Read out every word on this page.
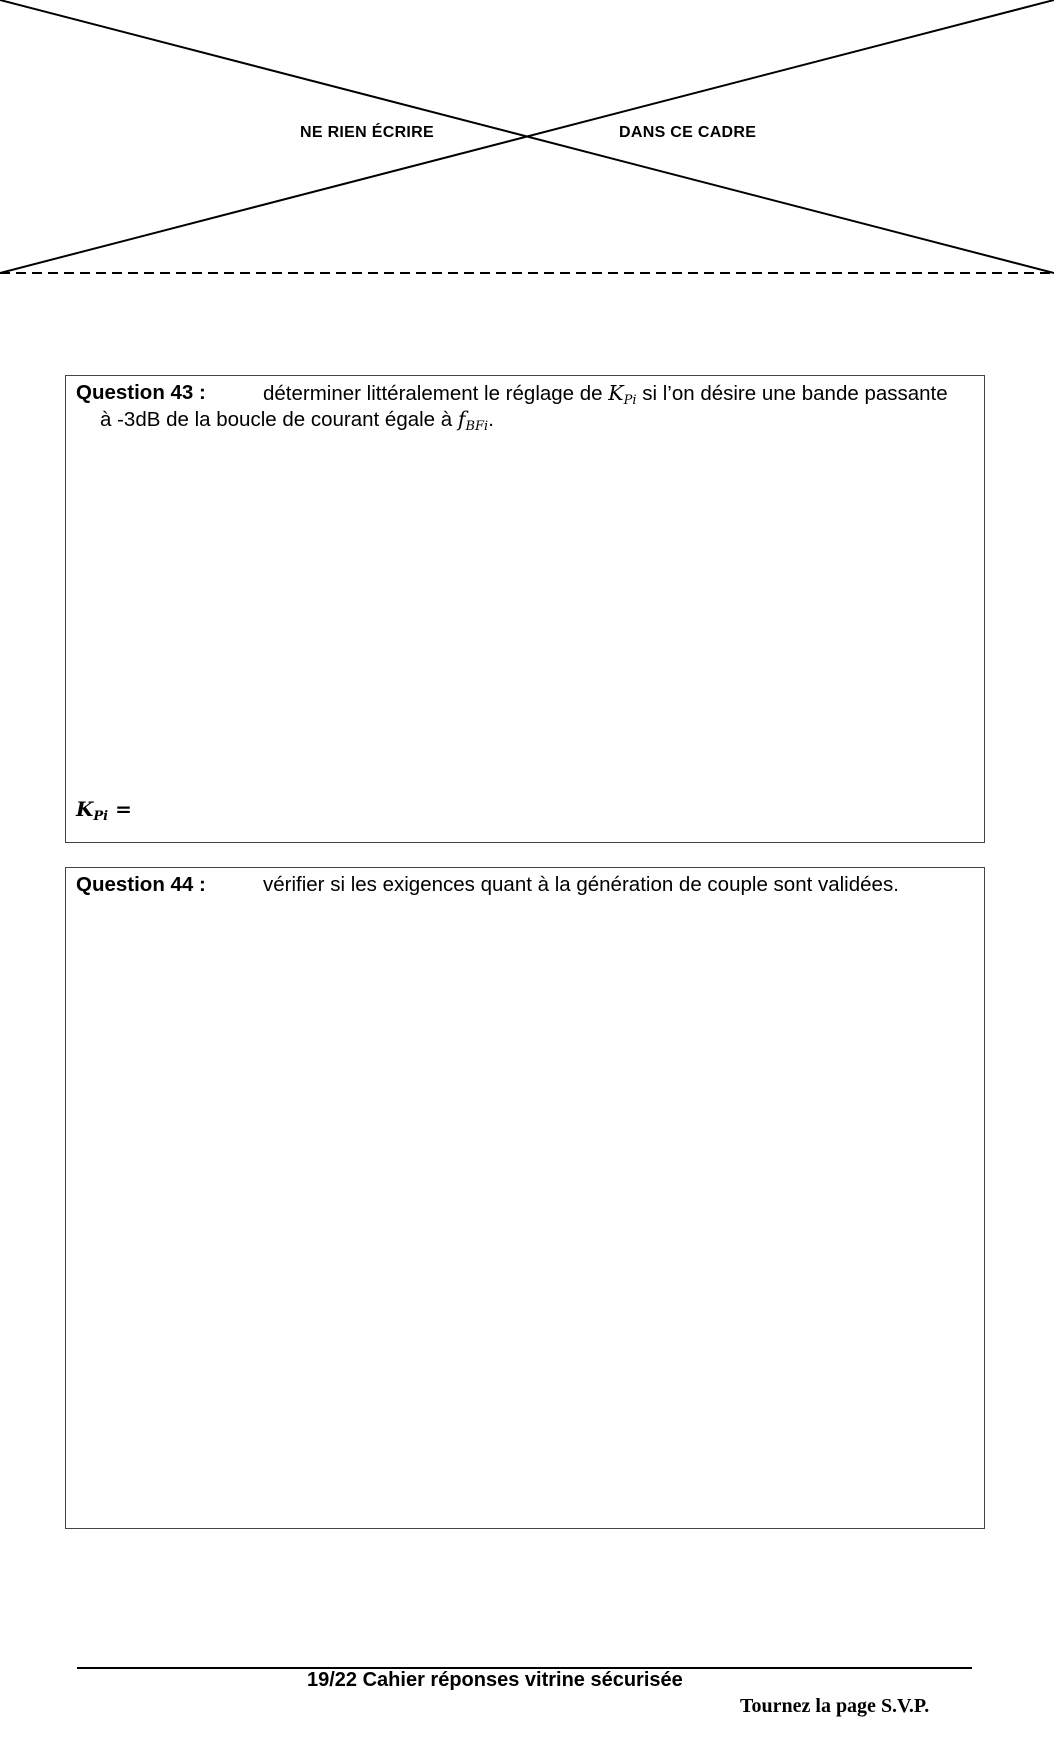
NE RIEN ÉCRIRE	DANS CE CADRE
Question 43 :	déterminer littéralement le réglage de $K_{Pi}$ si l’on désire une bande passante
à -3dB de la boucle de courant égale à $f_{BFi}$.
$K_{Pi}$ =
Question 44 :	vérifier si les exigences quant à la génération de couple sont validées.
19/22 Cahier réponses vitrine sécurisée
Tournez la page S.V.P.
